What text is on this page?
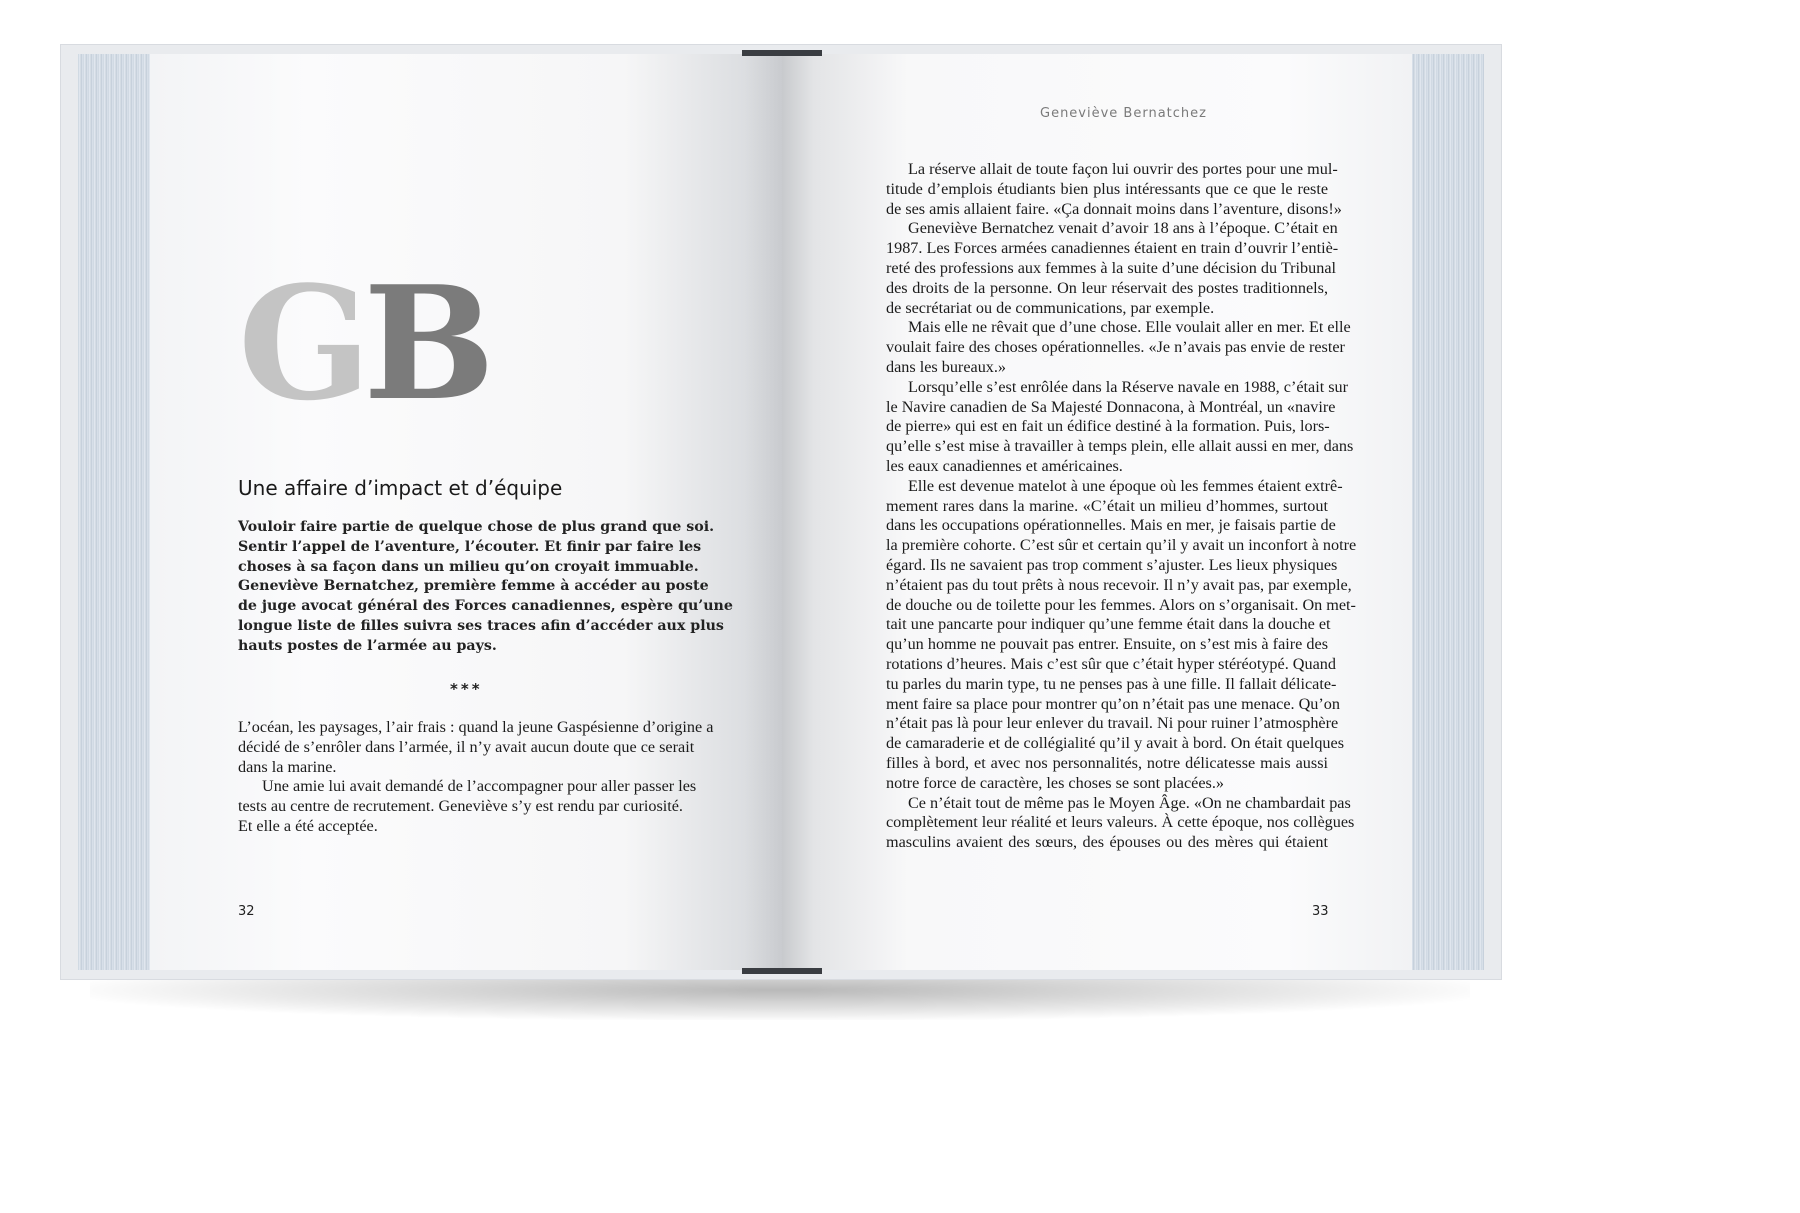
GB
Une affaire d’impact et d’équipe
Vouloir faire partie de quelque chose de plus grand que soi.
Sentir l’appel de l’aventure, l’écouter. Et finir par faire les
choses à sa façon dans un milieu qu’on croyait immuable.
Geneviève Bernatchez, première femme à accéder au poste
de juge avocat général des Forces canadiennes, espère qu’une
longue liste de filles suivra ses traces afin d’accéder aux plus
hauts postes de l’armée au pays.
***
L’océan, les paysages, l’air frais : quand la jeune Gaspésienne d’origine a
décidé de s’enrôler dans l’armée, il n’y avait aucun doute que ce serait
dans la marine.
Une amie lui avait demandé de l’accompagner pour aller passer les
tests au centre de recrutement. Geneviève s’y est rendu par curiosité.
Et elle a été acceptée.
32
Geneviève Bernatchez
La réserve allait de toute façon lui ouvrir des portes pour une mul-
titude d’emplois étudiants bien plus intéressants que ce que le reste
de ses amis allaient faire. «Ça donnait moins dans l’aventure, disons!»
Geneviève Bernatchez venait d’avoir 18 ans à l’époque. C’était en
1987. Les Forces armées canadiennes étaient en train d’ouvrir l’entiè-
reté des professions aux femmes à la suite d’une décision du Tribunal
des droits de la personne. On leur réservait des postes traditionnels,
de secrétariat ou de communications, par exemple.
Mais elle ne rêvait que d’une chose. Elle voulait aller en mer. Et elle
voulait faire des choses opérationnelles. «Je n’avais pas envie de rester
dans les bureaux.»
Lorsqu’elle s’est enrôlée dans la Réserve navale en 1988, c’était sur
le Navire canadien de Sa Majesté Donnacona, à Montréal, un «navire
de pierre» qui est en fait un édifice destiné à la formation. Puis, lors-
qu’elle s’est mise à travailler à temps plein, elle allait aussi en mer, dans
les eaux canadiennes et américaines.
Elle est devenue matelot à une époque où les femmes étaient extrê-
mement rares dans la marine. «C’était un milieu d’hommes, surtout
dans les occupations opérationnelles. Mais en mer, je faisais partie de
la première cohorte. C’est sûr et certain qu’il y avait un inconfort à notre
égard. Ils ne savaient pas trop comment s’ajuster. Les lieux physiques
n’étaient pas du tout prêts à nous recevoir. Il n’y avait pas, par exemple,
de douche ou de toilette pour les femmes. Alors on s’organisait. On met-
tait une pancarte pour indiquer qu’une femme était dans la douche et
qu’un homme ne pouvait pas entrer. Ensuite, on s’est mis à faire des
rotations d’heures. Mais c’est sûr que c’était hyper stéréotypé. Quand
tu parles du marin type, tu ne penses pas à une fille. Il fallait délicate-
ment faire sa place pour montrer qu’on n’était pas une menace. Qu’on
n’était pas là pour leur enlever du travail. Ni pour ruiner l’atmosphère
de camaraderie et de collégialité qu’il y avait à bord. On était quelques
filles à bord, et avec nos personnalités, notre délicatesse mais aussi
notre force de caractère, les choses se sont placées.»
Ce n’était tout de même pas le Moyen Âge. «On ne chambardait pas
complètement leur réalité et leurs valeurs. À cette époque, nos collègues
masculins avaient des sœurs, des épouses ou des mères qui étaient
33
